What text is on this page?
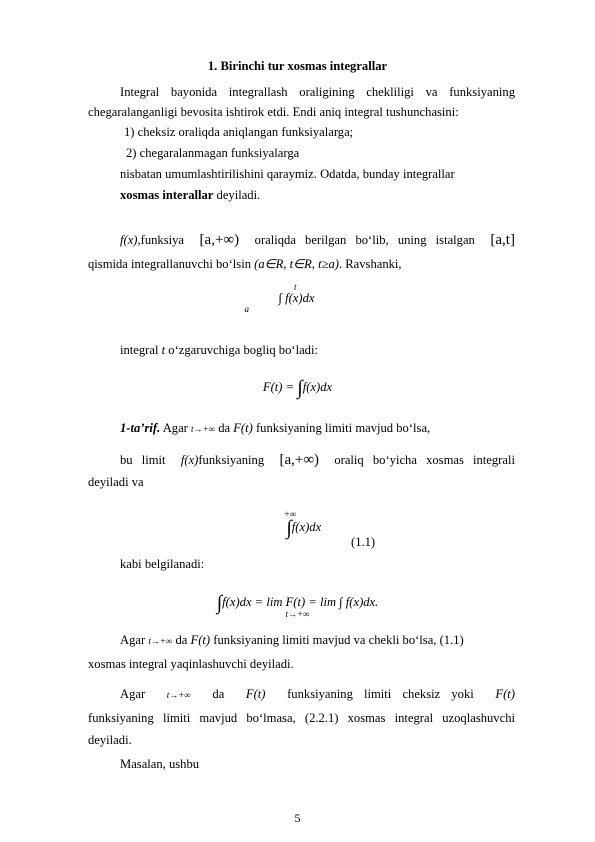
1. Birinchi tur xosmas integrallar
Integral bayonida integrallash oraligining chekliligi va funksiyaning
chegaralanganligi bevosita ishtirok etdi. Endi aniq integral tushunchasini:
1) cheksiz oraliqda aniqlangan funksiyalarga;
2) chegaralanmagan funksiyalarga
nisbatan umumlashtirilishini qaraymiz. Odatda, bunday integrallar
xosmas interallar deyiladi.
f(x),funksiya [a,+∞) oraliqda berilgan bo‘lib, uning istalgan [a,t]
qismida integrallanuvchi bo‘lsin (a∈R, t∈R, t≥a). Ravshanki,
$^t$∫ $f(x)dx_a$
integral t o‘zgaruvchiga bogliq bo‘ladi:
F(t) = ∫f(x)dx
1-ta’rif. Agar t→+∞ da F(t) funksiyaning limiti mavjud bo‘lsa,
bu limit f(x)funksiyaning [a,+∞) oraliq bo‘yicha xosmas integrali
deyiladi va
+∞∫f(x)dx
(1.1)
kabi belgilanadi:
∫f(x)dx = lim F(t) = lim ∫ f(x)dx.
t→+∞
Agar t→+∞ da F(t) funksiyaning limiti mavjud va chekli bo‘lsa, (1.1)
xosmas integral yaqinlashuvchi deyiladi.
Agar t→+∞ da F(t) funksiyaning limiti cheksiz yoki F(t)
funksiyaning limiti mavjud bo‘lmasa, (2.2.1) xosmas integral uzoqlashuvchi
deyiladi.
Masalan, ushbu
5
